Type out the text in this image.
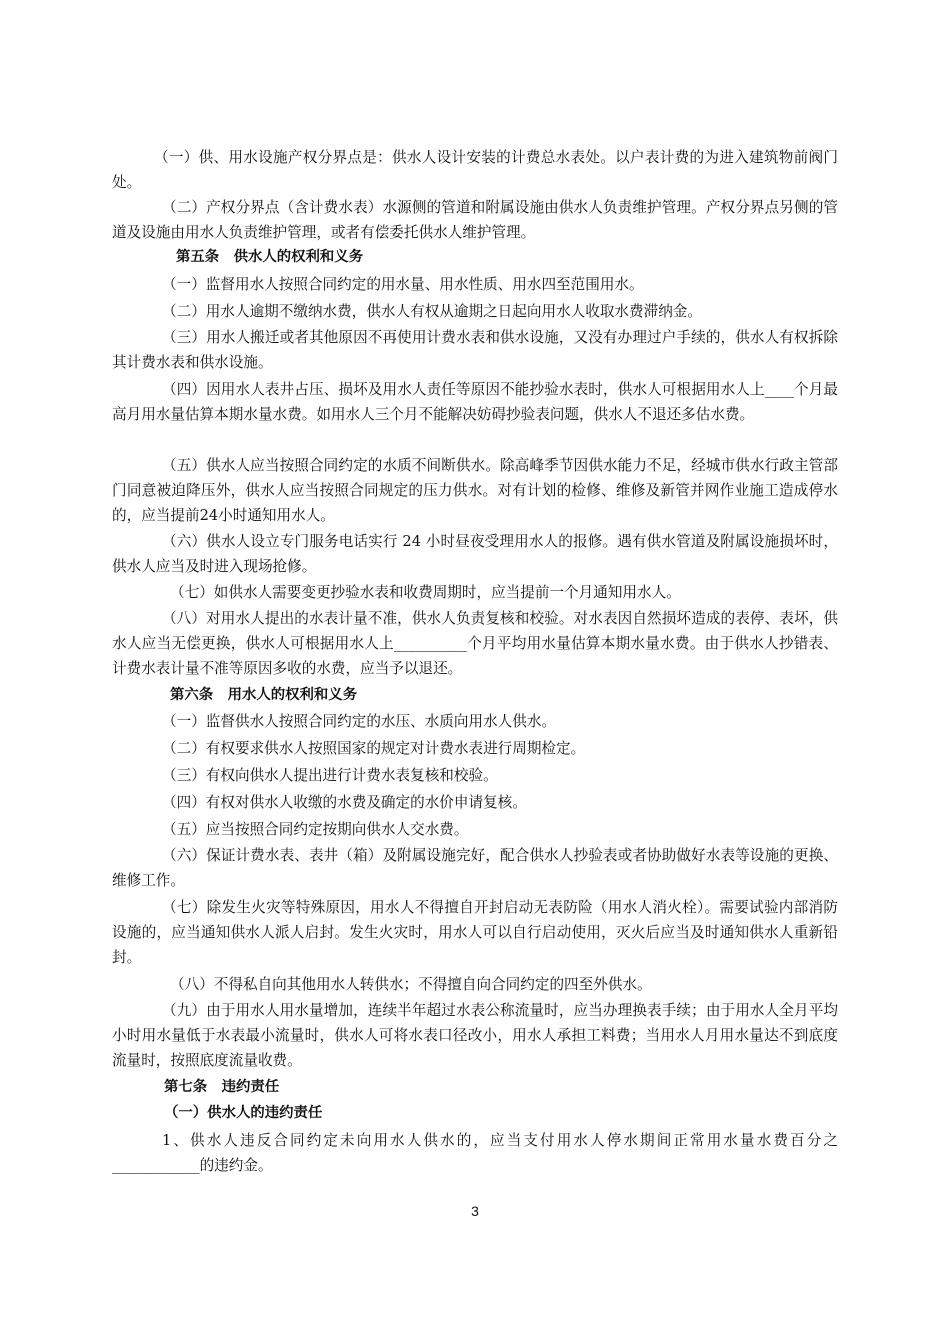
（一）供、用水设施产权分界点是：供水人设计安装的计费总水表处。以户表计费的为进入建筑物前阀门处。

（二）产权分界点（含计费水表）水源侧的管道和附属设施由供水人负责维护管理。产权分界点另侧的管道及设施由用水人负责维护管理，或者有偿委托供水人维护管理。

第五条　供水人的权利和义务

（一）监督用水人按照合同约定的用水量、用水性质、用水四至范围用水。

（二）用水人逾期不缴纳水费，供水人有权从逾期之日起向用水人收取水费滞纳金。

（三）用水人搬迁或者其他原因不再使用计费水表和供水设施，又没有办理过户手续的，供水人有权拆除其计费水表和供水设施。

（四）因用水人表井占压、损坏及用水人责任等原因不能抄验水表时，供水人可根据用水人上____个月最高月用水量估算本期水量水费。如用水人三个月不能解决妨碍抄验表问题，供水人不退还多估水费。

（五）供水人应当按照合同约定的水质不间断供水。除高峰季节因供水能力不足，经城市供水行政主管部门同意被迫降压外，供水人应当按照合同规定的压力供水。对有计划的检修、维修及新管并网作业施工造成停水的，应当提前24小时通知用水人。

（六）供水人设立专门服务电话实行 24 小时昼夜受理用水人的报修。遇有供水管道及附属设施损坏时，供水人应当及时进入现场抢修。

（七）如供水人需要变更抄验水表和收费周期时，应当提前一个月通知用水人。

（八）对用水人提出的水表计量不准，供水人负责复核和校验。对水表因自然损坏造成的表停、表坏，供水人应当无偿更换，供水人可根据用水人上__________个月平均用水量估算本期水量水费。由于供水人抄错表、计费水表计量不准等原因多收的水费，应当予以退还。

第六条　用水人的权利和义务

（一）监督供水人按照合同约定的水压、水质向用水人供水。

（二）有权要求供水人按照国家的规定对计费水表进行周期检定。

（三）有权向供水人提出进行计费水表复核和校验。

（四）有权对供水人收缴的水费及确定的水价申请复核。

（五）应当按照合同约定按期向供水人交水费。

（六）保证计费水表、表井（箱）及附属设施完好，配合供水人抄验表或者协助做好水表等设施的更换、维修工作。

（七）除发生火灾等特殊原因，用水人不得擅自开封启动无表防险（用水人消火栓）。需要试验内部消防设施的，应当通知供水人派人启封。发生火灾时，用水人可以自行启动使用，灭火后应当及时通知供水人重新铅封。

（八）不得私自向其他用水人转供水；不得擅自向合同约定的四至外供水。

（九）由于用水人用水量增加，连续半年超过水表公称流量时，应当办理换表手续；由于用水人全月平均小时用水量低于水表最小流量时，供水人可将水表口径改小，用水人承担工料费；当用水人月用水量达不到底度流量时，按照底度流量收费。

第七条　违约责任

（一）供水人的违约责任

1、供水人违反合同约定未向用水人供水的，应当支付用水人停水期间正常用水量水费百分之____________的违约金。

3
